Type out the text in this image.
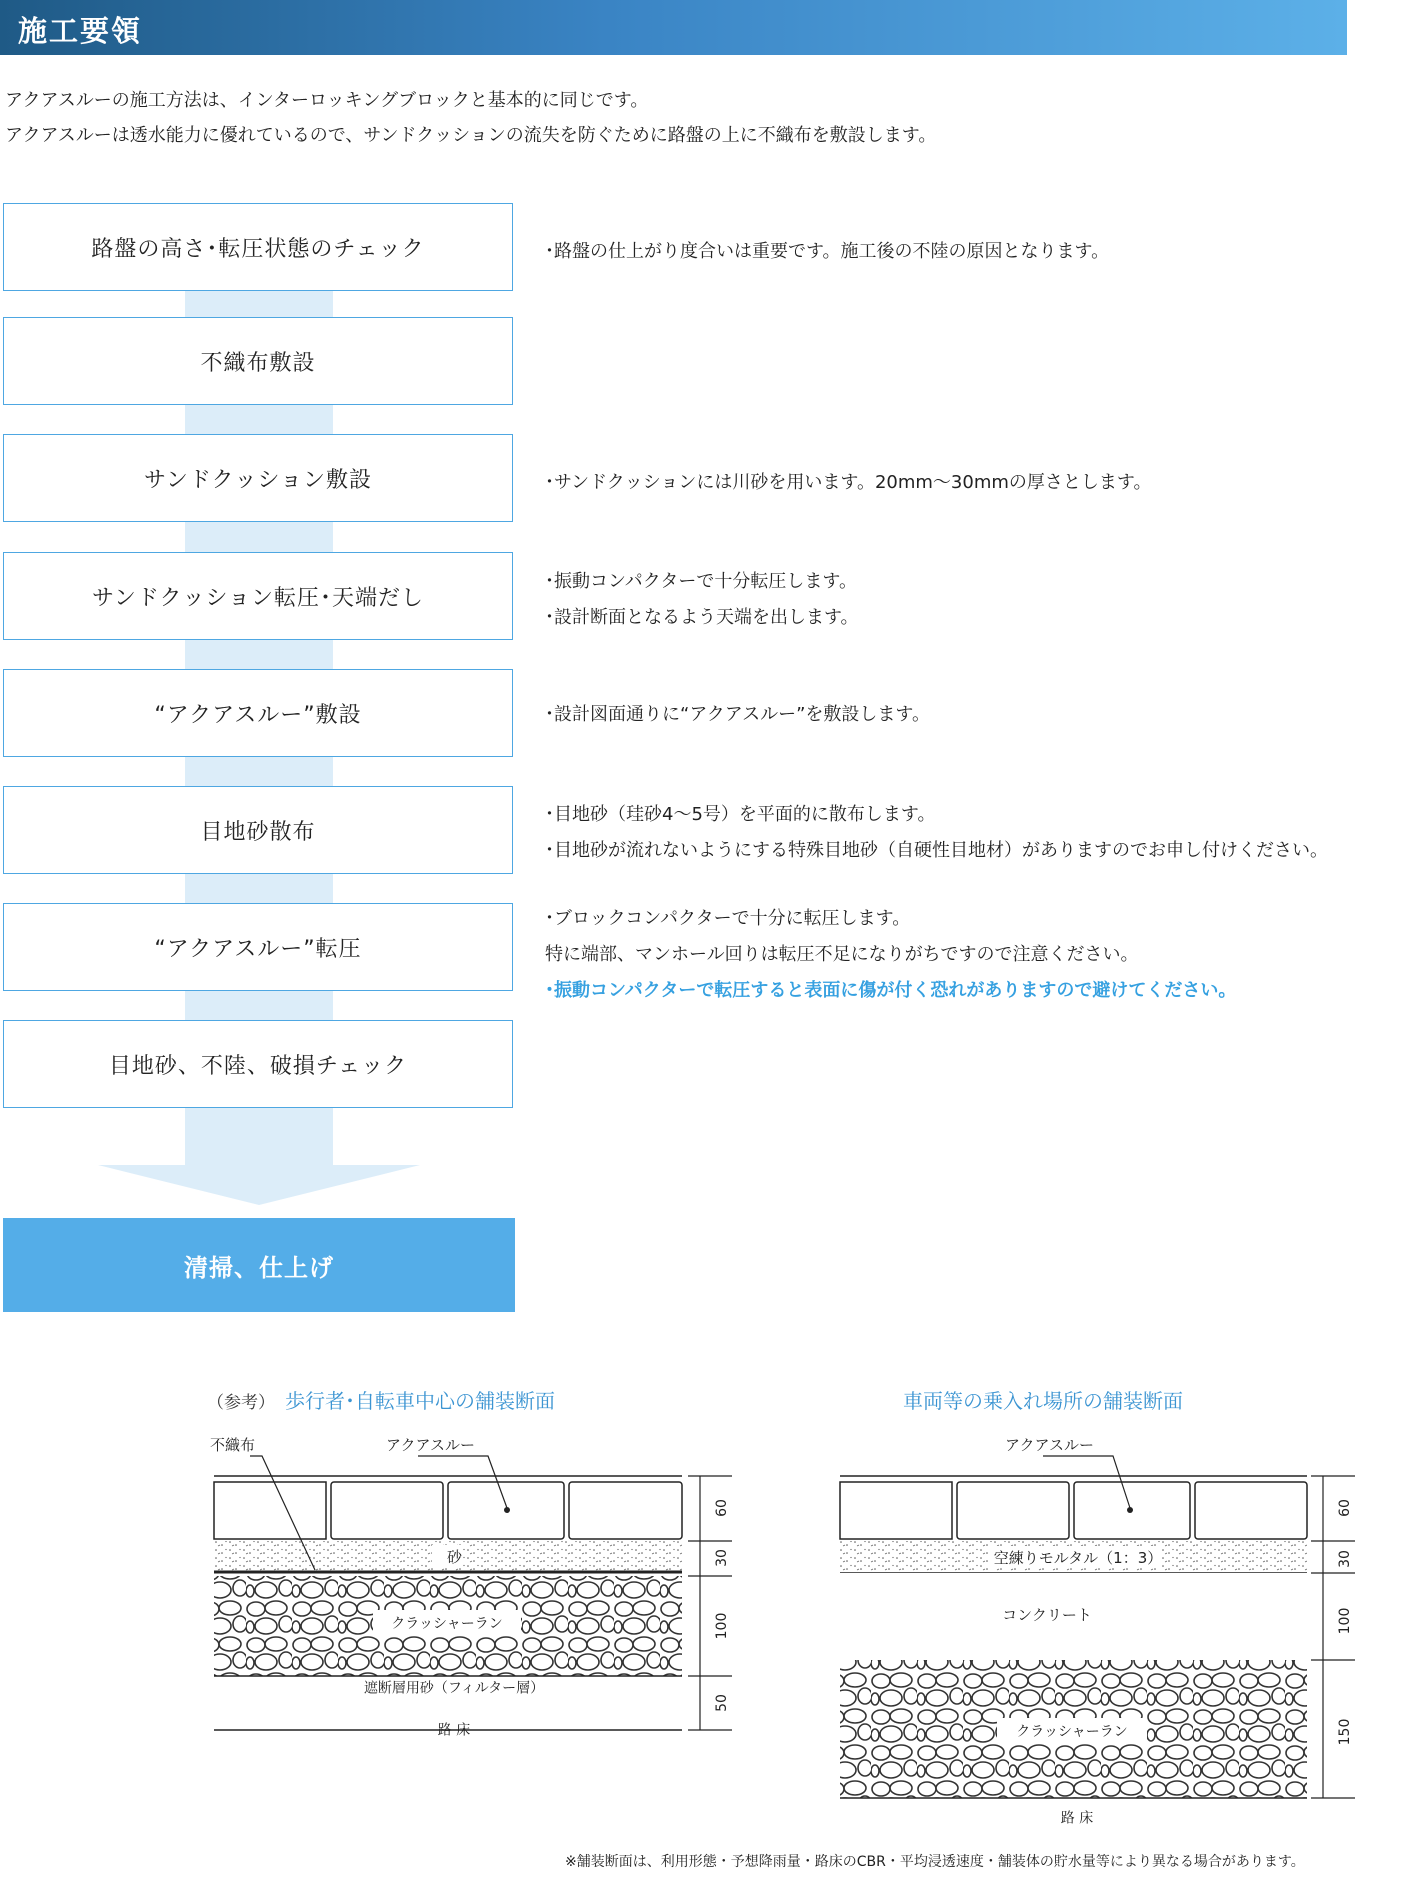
施工要領
アクアスルーの施工方法は、インターロッキングブロックと基本的に同じです。
アクアスルーは透水能力に優れているので、サンドクッションの流失を防ぐために路盤の上に不織布を敷設します。
路盤の高さ･転圧状態のチェック
不織布敷設
サンドクッション敷設
サンドクッション転圧･天端だし
“アクアスルー”敷設
目地砂散布
“アクアスルー”転圧
目地砂、不陸、破損チェック
清掃、仕上げ
･路盤の仕上がり度合いは重要です。施工後の不陸の原因となります。
･サンドクッションには川砂を用います。20mm〜30mmの厚さとします。
･振動コンパクターで十分転圧します。
･設計断面となるよう天端を出します。
･設計図面通りに“アクアスルー”を敷設します。
･目地砂（珪砂4〜5号）を平面的に散布します。
･目地砂が流れないようにする特殊目地砂（自硬性目地材）がありますのでお申し付けください。
･ブロックコンパクターで十分に転圧します。
特に端部、マンホール回りは転圧不足になりがちですので注意ください。
･振動コンパクターで転圧すると表面に傷が付く恐れがありますので避けてください。
（参考） 歩行者･自転車中心の舗装断面	車両等の乗入れ場所の舗装断面
不織布	アクアスルー
砂
クラッシャーラン
遮断層用砂（フィルター層）
路 床
60
30
100
50
アクアスルー
空練りモルタル（1：3）
コンクリート
クラッシャーラン
路 床
60
30
100
150
※舗装断面は、利用形態・予想降雨量・路床のCBR・平均浸透速度・舗装体の貯水量等により異なる場合があります。
